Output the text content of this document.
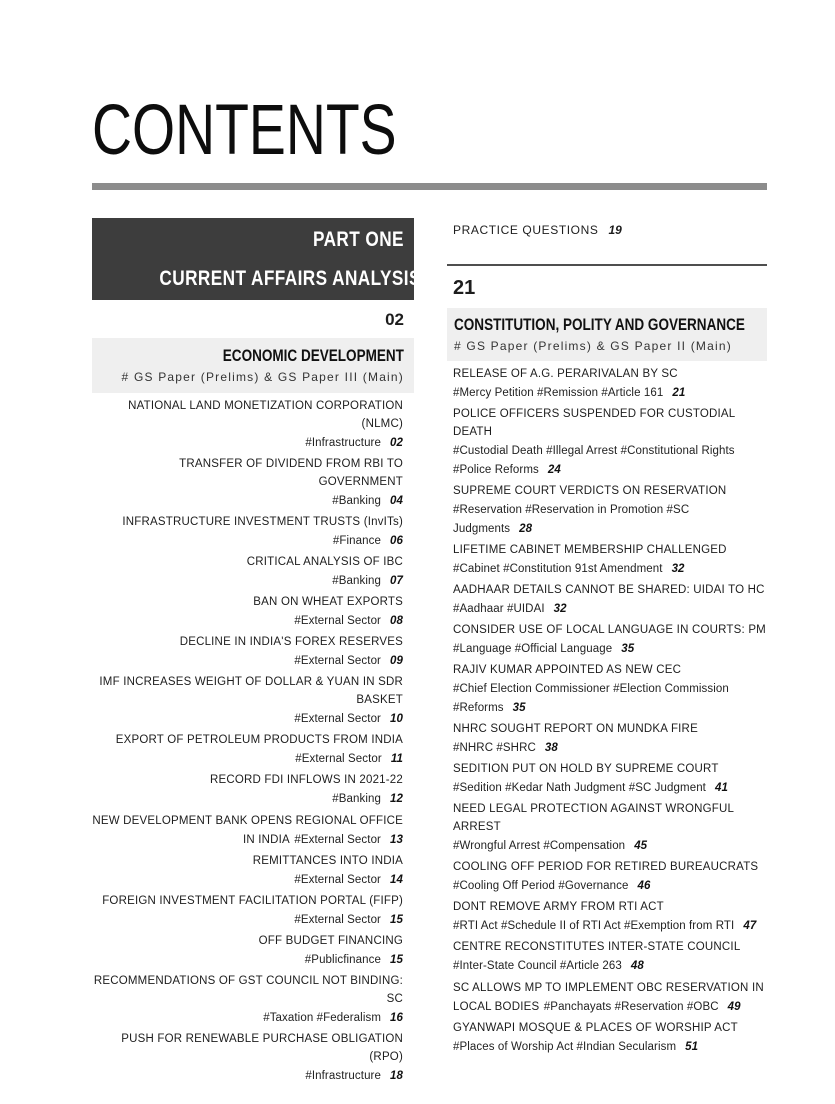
CONTENTS
PART ONE
CURRENT AFFAIRS ANALYSIS
02
ECONOMIC DEVELOPMENT
# GS Paper (Prelims) & GS Paper III (Main)
NATIONAL LAND MONETIZATION CORPORATION (NLMC)
#Infrastructure 02
TRANSFER OF DIVIDEND FROM RBI TO GOVERNMENT
#Banking 04
INFRASTRUCTURE INVESTMENT TRUSTS (InvITs)
#Finance 06
CRITICAL ANALYSIS OF IBC
#Banking 07
BAN ON WHEAT EXPORTS
#External Sector 08
DECLINE IN INDIA'S FOREX RESERVES
#External Sector 09
IMF INCREASES WEIGHT OF DOLLAR & YUAN IN SDR BASKET
#External Sector 10
EXPORT OF PETROLEUM PRODUCTS FROM INDIA
#External Sector 11
RECORD FDI INFLOWS IN 2021-22
#Banking 12
NEW DEVELOPMENT BANK OPENS REGIONAL OFFICE IN INDIA #External Sector 13
REMITTANCES INTO INDIA
#External Sector 14
FOREIGN INVESTMENT FACILITATION PORTAL (FIFP)
#External Sector 15
OFF BUDGET FINANCING
#Publicfinance 15
RECOMMENDATIONS OF GST COUNCIL NOT BINDING: SC
#Taxation #Federalism 16
PUSH FOR RENEWABLE PURCHASE OBLIGATION (RPO)
#Infrastructure 18
PRACTICE QUESTIONS 19
21
CONSTITUTION, POLITY AND GOVERNANCE
# GS Paper (Prelims) & GS Paper II (Main)
RELEASE OF A.G. PERARIVALAN BY SC
#Mercy Petition #Remission #Article 161 21
POLICE OFFICERS SUSPENDED FOR CUSTODIAL DEATH
#Custodial Death #Illegal Arrest #Constitutional Rights #Police Reforms 24
SUPREME COURT VERDICTS ON RESERVATION
#Reservation #Reservation in Promotion #SC Judgments 28
LIFETIME CABINET MEMBERSHIP CHALLENGED
#Cabinet #Constitution 91st Amendment 32
AADHAAR DETAILS CANNOT BE SHARED: UIDAI TO HC
#Aadhaar #UIDAI 32
CONSIDER USE OF LOCAL LANGUAGE IN COURTS: PM
#Language #Official Language 35
RAJIV KUMAR APPOINTED AS NEW CEC
#Chief Election Commissioner #Election Commission #Reforms 35
NHRC SOUGHT REPORT ON MUNDKA FIRE
#NHRC #SHRC 38
SEDITION PUT ON HOLD BY SUPREME COURT
#Sedition #Kedar Nath Judgment #SC Judgment 41
NEED LEGAL PROTECTION AGAINST WRONGFUL ARREST
#Wrongful Arrest #Compensation 45
COOLING OFF PERIOD FOR RETIRED BUREAUCRATS
#Cooling Off Period #Governance 46
DONT REMOVE ARMY FROM RTI ACT
#RTI Act #Schedule II of RTI Act #Exemption from RTI 47
CENTRE RECONSTITUTES INTER-STATE COUNCIL
#Inter-State Council #Article 263 48
SC ALLOWS MP TO IMPLEMENT OBC RESERVATION IN LOCAL BODIES #Panchayats #Reservation #OBC 49
GYANWAPI MOSQUE & PLACES OF WORSHIP ACT
#Places of Worship Act #Indian Secularism 51
